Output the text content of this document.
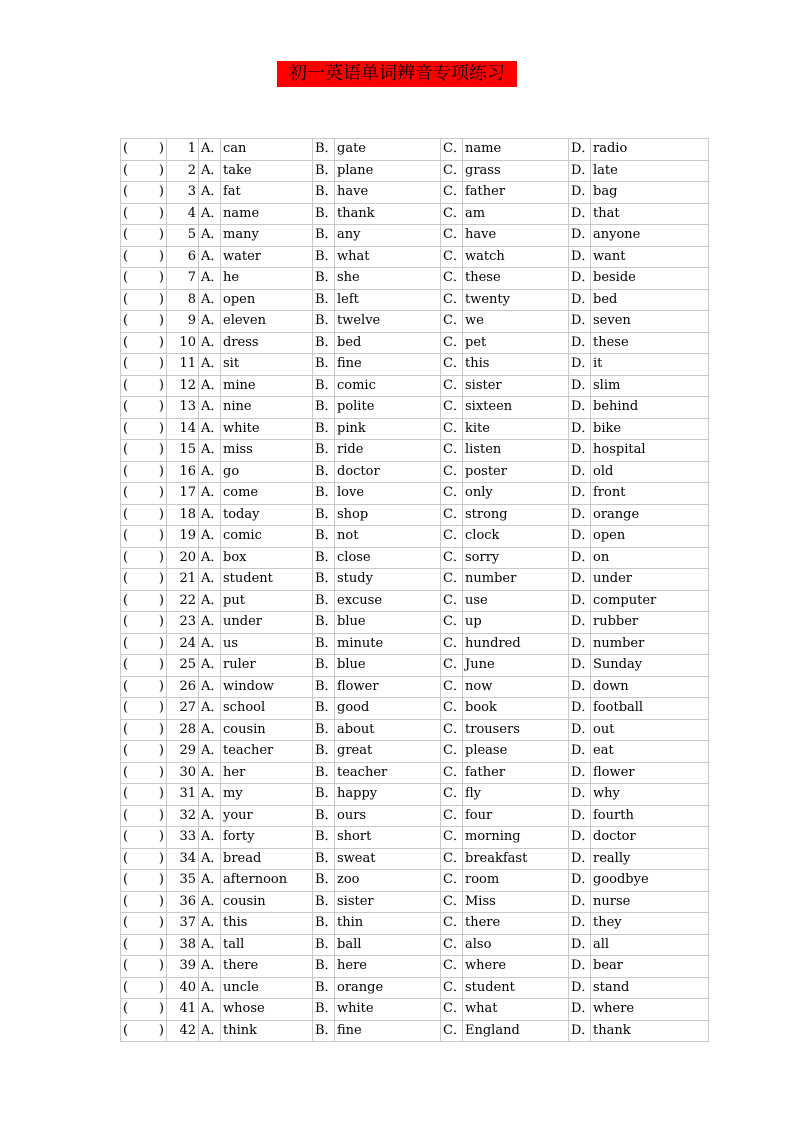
初一英语单词辨音专项练习
( )	1	A．	can	B．	gate	C．	name	D．	radio

( )	2	A．	take	B．	plane	C．	grass	D．	late

( )	3	A．	fat	B．	have	C．	father	D．	bag

( )	4	A．	name	B．	thank	C．	am	D．	that

( )	5	A．	many	B．	any	C．	have	D．	anyone

( )	6	A．	water	B．	what	C．	watch	D．	want

( )	7	A．	he	B．	she	C．	these	D．	beside

( )	8	A．	open	B．	left	C．	twenty	D．	bed

( )	9	A．	eleven	B．	twelve	C．	we	D．	seven

( )	10	A．	dress	B．	bed	C．	pet	D．	these

( )	11	A．	sit	B．	fine	C．	this	D．	it

( )	12	A．	mine	B．	comic	C．	sister	D．	slim

( )	13	A．	nine	B．	polite	C．	sixteen	D．	behind

( )	14	A．	white	B．	pink	C．	kite	D．	bike

( )	15	A．	miss	B．	ride	C．	listen	D．	hospital

( )	16	A．	go	B．	doctor	C．	poster	D．	old

( )	17	A．	come	B．	love	C．	only	D．	front

( )	18	A．	today	B．	shop	C．	strong	D．	orange

( )	19	A．	comic	B．	not	C．	clock	D．	open

( )	20	A．	box	B．	close	C．	sorry	D．	on

( )	21	A．	student	B．	study	C．	number	D．	under

( )	22	A．	put	B．	excuse	C．	use	D．	computer

( )	23	A．	under	B．	blue	C．	up	D．	rubber

( )	24	A．	us	B．	minute	C．	hundred	D．	number

( )	25	A．	ruler	B．	blue	C．	June	D．	Sunday

( )	26	A．	window	B．	flower	C．	now	D．	down

( )	27	A．	school	B．	good	C．	book	D．	football

( )	28	A．	cousin	B．	about	C．	trousers	D．	out

( )	29	A．	teacher	B．	great	C．	please	D．	eat

( )	30	A．	her	B．	teacher	C．	father	D．	flower

( )	31	A．	my	B．	happy	C．	fly	D．	why

( )	32	A．	your	B．	ours	C．	four	D．	fourth

( )	33	A．	forty	B．	short	C．	morning	D．	doctor

( )	34	A．	bread	B．	sweat	C．	breakfast	D．	really

( )	35	A．	afternoon	B．	zoo	C．	room	D．	goodbye

( )	36	A．	cousin	B．	sister	C．	Miss	D．	nurse

( )	37	A．	this	B．	thin	C．	there	D．	they

( )	38	A．	tall	B．	ball	C．	also	D．	all

( )	39	A．	there	B．	here	C．	where	D．	bear

( )	40	A．	uncle	B．	orange	C．	student	D．	stand

( )	41	A．	whose	B．	white	C．	what	D．	where

( )	42	A．	think	B．	fine	C．	England	D．	thank
